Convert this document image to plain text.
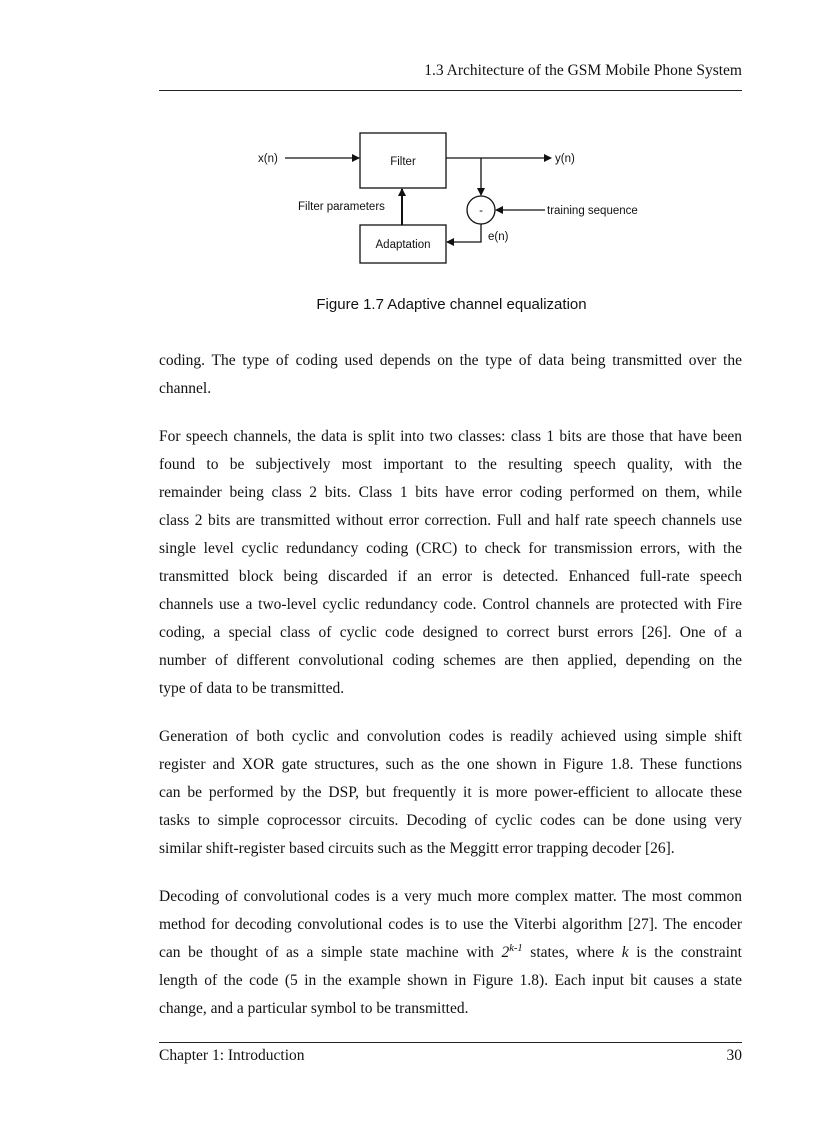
1.3 Architecture of the GSM Mobile Phone System
x(n)	Filter	y(n)
Filter parameters	-	training sequence
e(n)
Adaptation
Figure 1.7 Adaptive channel equalization
coding. The type of coding used depends on the type of data being transmitted over the
channel.
For speech channels, the data is split into two classes: class 1 bits are those that have been
found to be subjectively most important to the resulting speech quality, with the
remainder being class 2 bits. Class 1 bits have error coding performed on them, while
class 2 bits are transmitted without error correction. Full and half rate speech channels use
single level cyclic redundancy coding (CRC) to check for transmission errors, with the
transmitted block being discarded if an error is detected. Enhanced full-rate speech
channels use a two-level cyclic redundancy code. Control channels are protected with Fire
coding, a special class of cyclic code designed to correct burst errors [26]. One of a
number of different convolutional coding schemes are then applied, depending on the
type of data to be transmitted.
Generation of both cyclic and convolution codes is readily achieved using simple shift
register and XOR gate structures, such as the one shown in Figure 1.8. These functions
can be performed by the DSP, but frequently it is more power-efficient to allocate these
tasks to simple coprocessor circuits. Decoding of cyclic codes can be done using very
similar shift-register based circuits such as the Meggitt error trapping decoder [26].
Decoding of convolutional codes is a very much more complex matter. The most common
method for decoding convolutional codes is to use the Viterbi algorithm [27]. The encoder
can be thought of as a simple state machine with 2$^{k-1}$ states, where k is the constraint
length of the code (5 in the example shown in Figure 1.8). Each input bit causes a state
change, and a particular symbol to be transmitted.
Chapter 1: Introduction	30
